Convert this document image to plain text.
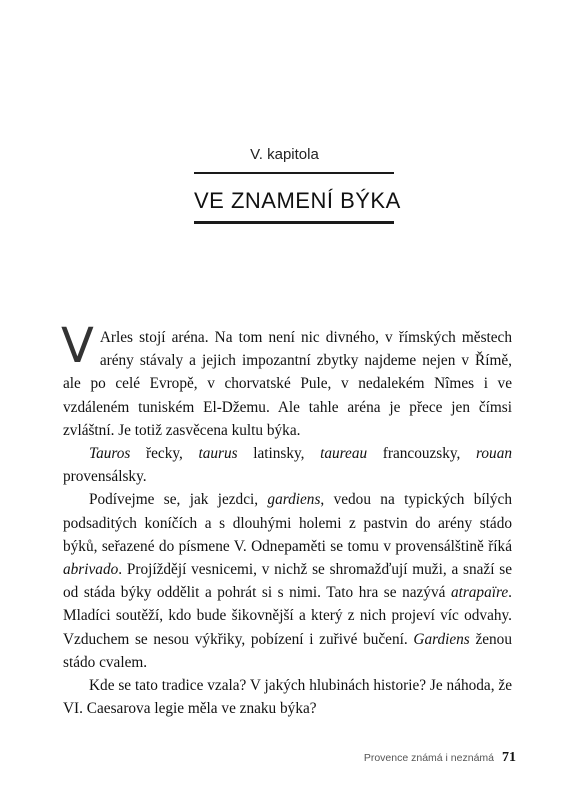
V. kapitola
VE ZNAMENÍ BÝKA

V Arles stojí aréna. Na tom není nic divného, v římských městech arény stávaly a jejich impozantní zbytky najdeme nejen v Římě, ale po celé Evropě, v chorvatské Pule, v nedalekém Nîmes i ve vzdáleném tuniském El-Džemu. Ale tahle aréna je přece jen čímsi zvláštní. Je totiž zasvěcena kultu býka.

Tauros řecky, taurus latinsky, taureau francouzsky, rouan provensálsky.

Podívejme se, jak jezdci, gardiens, vedou na typických bílých podsaditých koníčích a s dlouhými holemi z pastvin do arény stádo býků, seřazené do písmene V. Odnepaměti se tomu v provensálštině říká abrivado. Projíždějí vesnicemi, v nichž se shromažďují muži, a snaží se od stáda býky oddělit a pohrát si s nimi. Tato hra se nazývá atrapaïre. Mladíci soutěží, kdo bude šikovnější a který z nich projeví víc odvahy. Vzduchem se nesou výkřiky, pobízení i zuřivé bučení. Gardiens ženou stádo cvalem.

Kde se tato tradice vzala? V jakých hlubinách historie? Je náhoda, že VI. Caesarova legie měla ve znaku býka?

Provence známá i neznámá 71
